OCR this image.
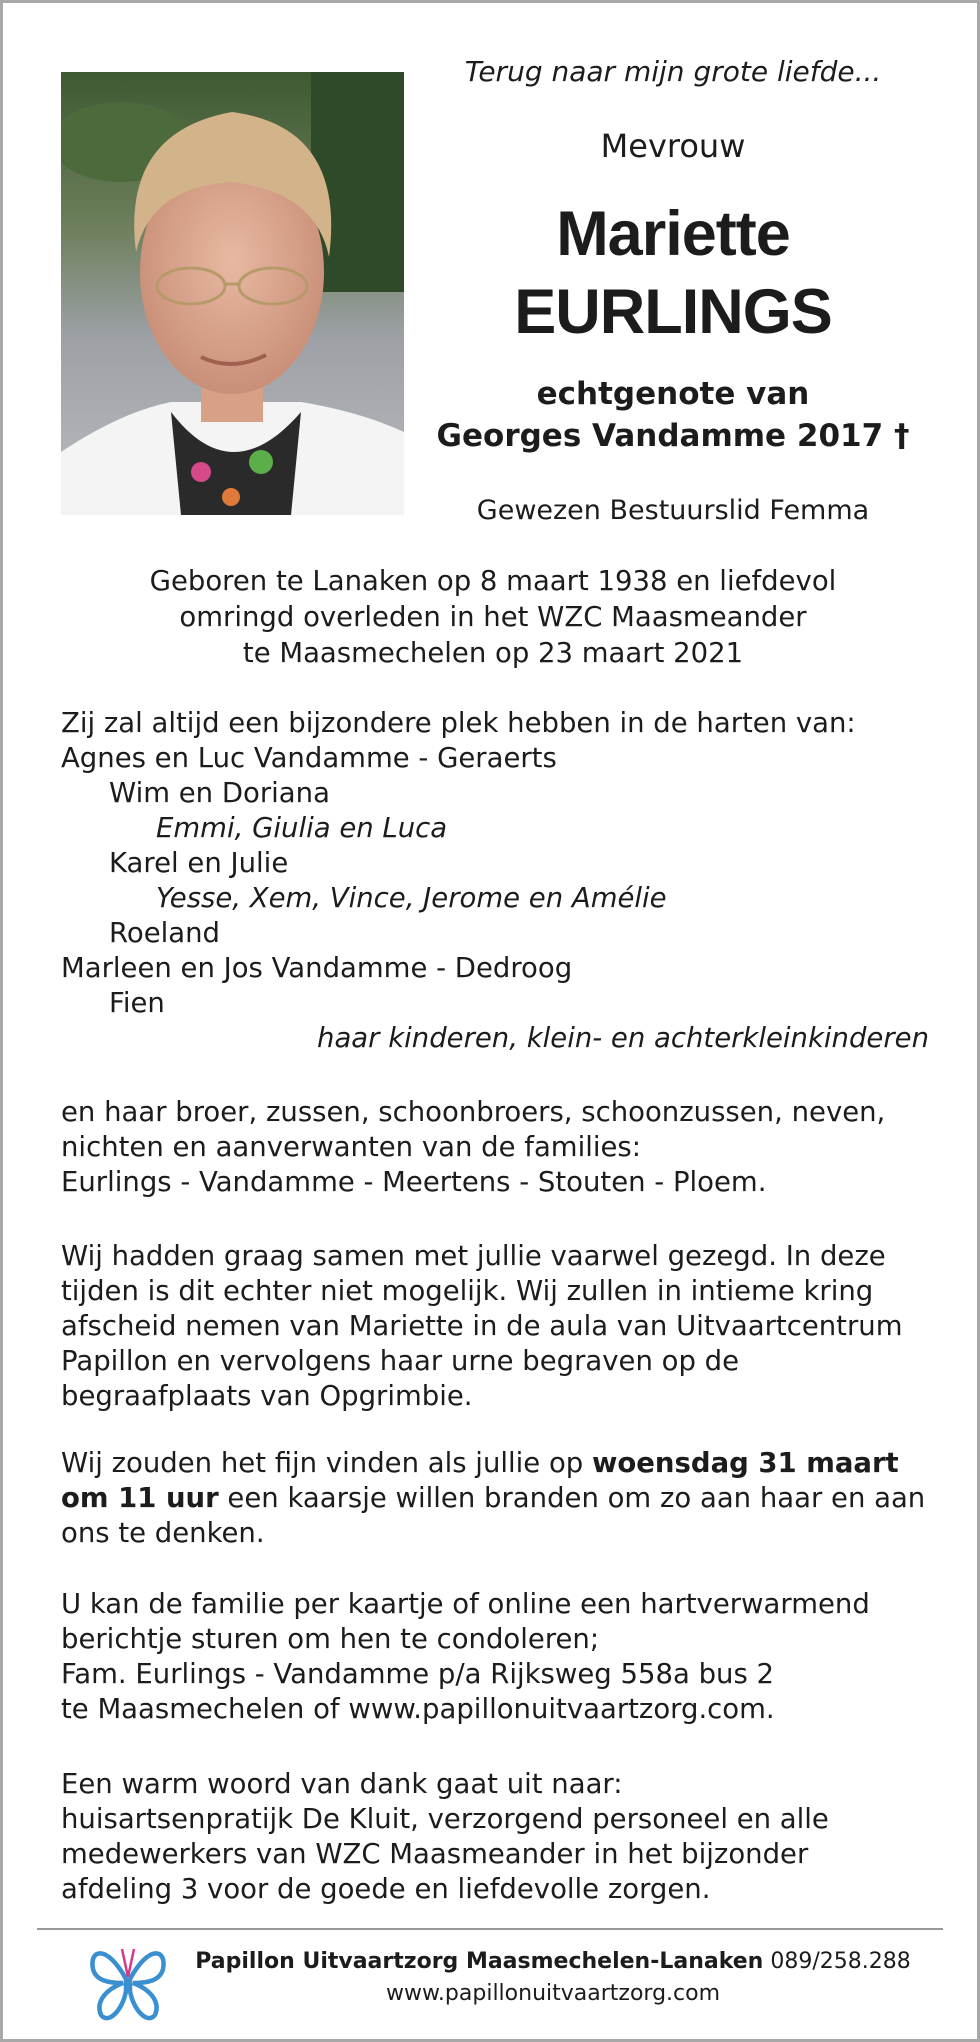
Terug naar mijn grote liefde...
Mevrouw
Mariette
EURLINGS
echtgenote van
Georges Vandamme 2017 †
Gewezen Bestuurslid Femma
Geboren te Lanaken op 8 maart 1938 en liefdevol
omringd overleden in het WZC Maasmeander
te Maasmechelen op 23 maart 2021

Zij zal altijd een bijzondere plek hebben in de harten van:

Agnes en Luc Vandamme - Geraerts

Wim en Doriana

Emmi, Giulia en Luca

Karel en Julie

Yesse, Xem, Vince, Jerome en Amélie

Roeland

Marleen en Jos Vandamme - Dedroog

Fien

haar kinderen, klein- en achterkleinkinderen

en haar broer, zussen, schoonbroers, schoonzussen, neven,

nichten en aanverwanten van de families:

Eurlings - Vandamme - Meertens - Stouten - Ploem.

Wij hadden graag samen met jullie vaarwel gezegd. In deze

tijden is dit echter niet mogelijk. Wij zullen in intieme kring

afscheid nemen van Mariette in de aula van Uitvaartcentrum

Papillon en vervolgens haar urne begraven op de

begraafplaats van Opgrimbie.

Wij zouden het fijn vinden als jullie op woensdag 31 maart

om 11 uur een kaarsje willen branden om zo aan haar en aan

ons te denken.

U kan de familie per kaartje of online een hartverwarmend

berichtje sturen om hen te condoleren;

Fam. Eurlings - Vandamme p/a Rijksweg 558a bus 2

te Maasmechelen of www.papillonuitvaartzorg.com.

Een warm woord van dank gaat uit naar:

huisartsenpratijk De Kluit, verzorgend personeel en alle

medewerkers van WZC Maasmeander in het bijzonder

afdeling 3 voor de goede en liefdevolle zorgen.

Papillon Uitvaartzorg Maasmechelen-Lanaken 089/258.288
www.papillonuitvaartzorg.com
